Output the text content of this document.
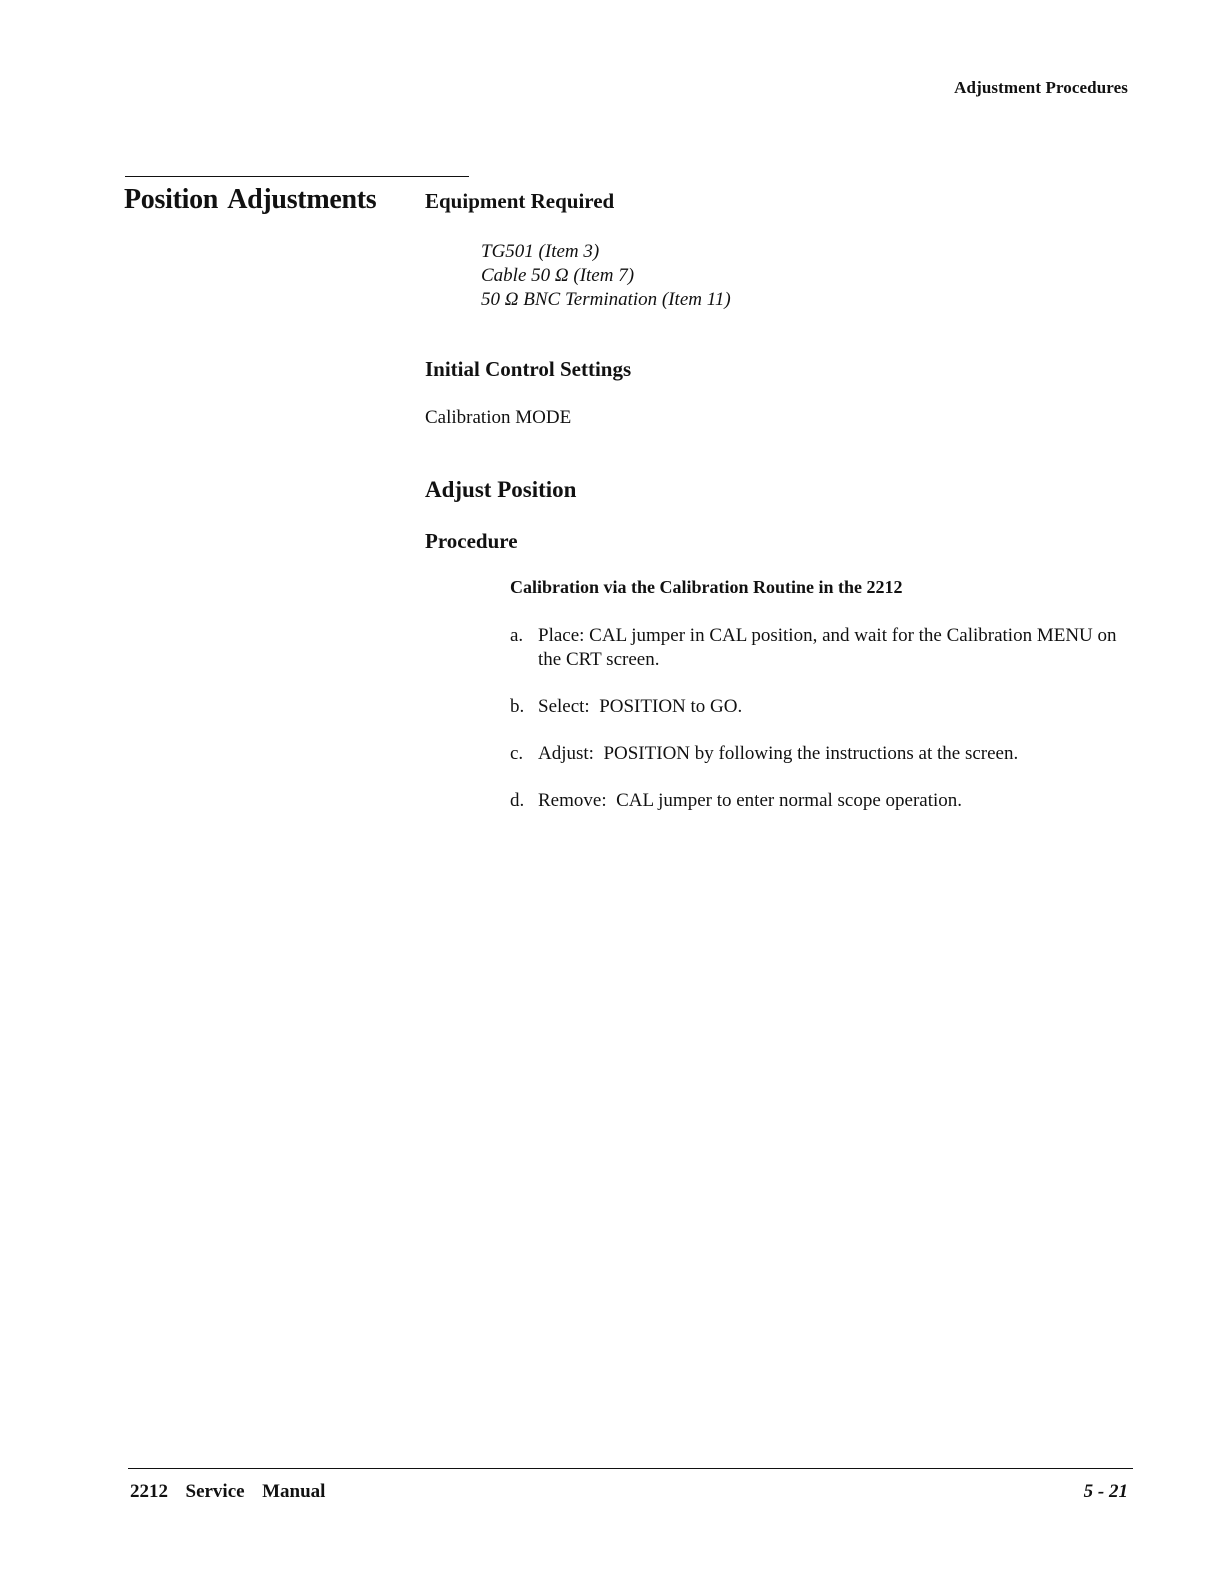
Adjustment Procedures
Position Adjustments Equipment Required
TG501 (Item 3)
Cable 50 Ω (Item 7)
50 Ω BNC Termination (Item 11)
Initial Control Settings
Calibration MODE
Adjust Position
Procedure
Calibration via the Calibration Routine in the 2212
a. Place: CAL jumper in CAL position, and wait for the Calibration MENU on the CRT screen.
b. Select:  POSITION to GO.
c. Adjust:  POSITION by following the instructions at the screen.
d. Remove:  CAL jumper to enter normal scope operation.
2212  Service  Manual	5 - 21
